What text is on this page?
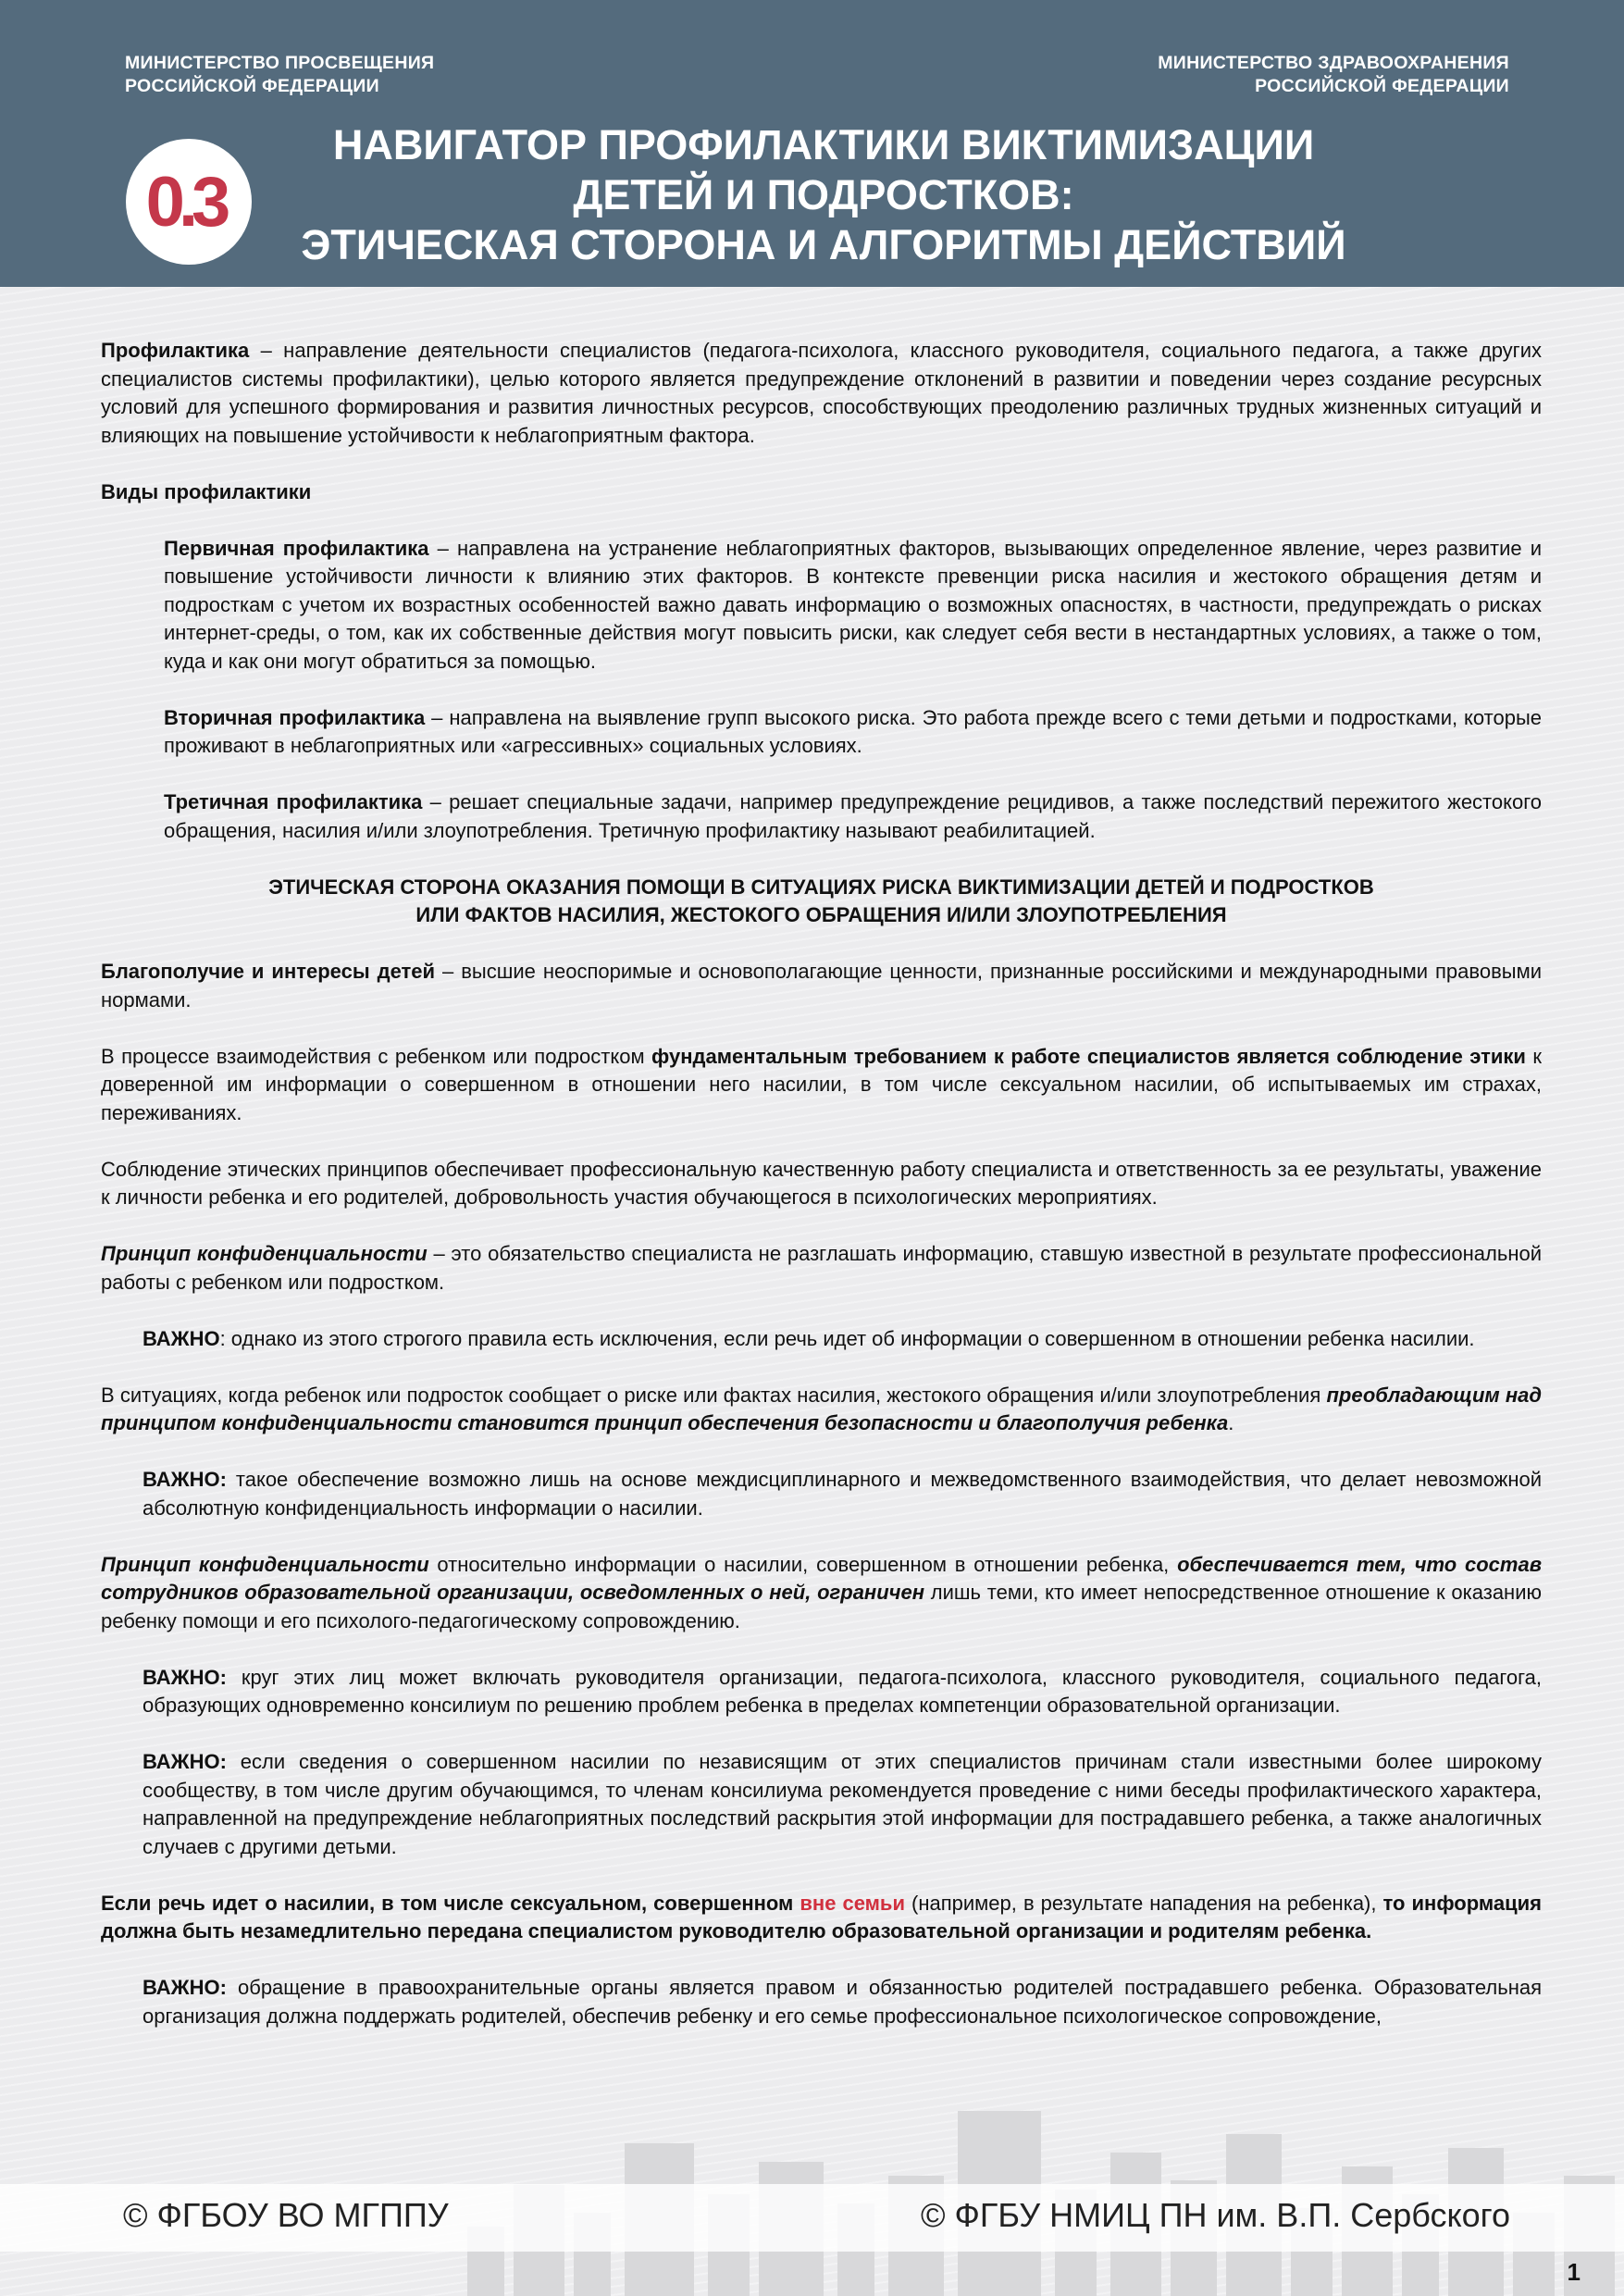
МИНИСТЕРСТВО ПРОСВЕЩЕНИЯ
РОССИЙСКОЙ ФЕДЕРАЦИИ
МИНИСТЕРСТВО ЗДРАВООХРАНЕНИЯ
РОССИЙСКОЙ ФЕДЕРАЦИИ
0.3
НАВИГАТОР ПРОФИЛАКТИКИ ВИКТИМИЗАЦИИ
ДЕТЕЙ И ПОДРОСТКОВ:
ЭТИЧЕСКАЯ СТОРОНА И АЛГОРИТМЫ ДЕЙСТВИЙ

Профилактика – направление деятельности специалистов (педагога-психолога, классного руководителя, социального педагога, а также других специалистов системы профилактики), целью которого является предупреждение отклонений в развитии и поведении через создание ресурсных условий для успешного формирования и развития личностных ресурсов, способствующих преодолению различных трудных жизненных ситуаций и влияющих на повышение устойчивости к неблагоприятным фактора.

Виды профилактики

Первичная профилактика – направлена на устранение неблагоприятных факторов, вызывающих определенное явление, через развитие и повышение устойчивости личности к влиянию этих факторов. В контексте превенции риска насилия и жестокого обращения детям и подросткам с учетом их возрастных особенностей важно давать информацию о возможных опасностях, в частности, предупреждать о рисках интернет-среды, о том, как их собственные действия могут повысить риски, как следует себя вести в нестандартных условиях, а также о том, куда и как они могут обратиться за помощью.

Вторичная профилактика – направлена на выявление групп высокого риска. Это работа прежде всего с теми детьми и подростками, которые проживают в неблагоприятных или «агрессивных» социальных условиях.

Третичная профилактика – решает специальные задачи, например предупреждение рецидивов, а также последствий пережитого жестокого обращения, насилия и/или злоупотребления. Третичную профилактику называют реабилитацией.

ЭТИЧЕСКАЯ СТОРОНА ОКАЗАНИЯ ПОМОЩИ В СИТУАЦИЯХ РИСКА ВИКТИМИЗАЦИИ ДЕТЕЙ И ПОДРОСТКОВ
ИЛИ ФАКТОВ НАСИЛИЯ, ЖЕСТОКОГО ОБРАЩЕНИЯ И/ИЛИ ЗЛОУПОТРЕБЛЕНИЯ

Благополучие и интересы детей – высшие неоспоримые и основополагающие ценности, признанные российскими и международными правовыми нормами.

В процессе взаимодействия с ребенком или подростком фундаментальным требованием к работе специалистов является соблюдение этики к доверенной им информации о совершенном в отношении него насилии, в том числе сексуальном насилии, об испытываемых им страхах, переживаниях.

Соблюдение этических принципов обеспечивает профессиональную качественную работу специалиста и ответственность за ее результаты, уважение к личности ребенка и его родителей, добровольность участия обучающегося в психологических мероприятиях.

Принцип конфиденциальности – это обязательство специалиста не разглашать информацию, ставшую известной в результате профессиональной работы с ребенком или подростком.

ВАЖНО: однако из этого строгого правила есть исключения, если речь идет об информации о совершенном в отношении ребенка насилии.

В ситуациях, когда ребенок или подросток сообщает о риске или фактах насилия, жестокого обращения и/или злоупотребления преобладающим над принципом конфиденциальности становится принцип обеспечения безопасности и благополучия ребенка.

ВАЖНО: такое обеспечение возможно лишь на основе междисциплинарного и межведомственного взаимодействия, что делает невозможной абсолютную конфиденциальность информации о насилии.

Принцип конфиденциальности относительно информации о насилии, совершенном в отношении ребенка, обеспечивается тем, что состав сотрудников образовательной организации, осведомленных о ней, ограничен лишь теми, кто имеет непосредственное отношение к оказанию ребенку помощи и его психолого-педагогическому сопровождению.

ВАЖНО: круг этих лиц может включать руководителя организации, педагога-психолога, классного руководителя, социального педагога, образующих одновременно консилиум по решению проблем ребенка в пределах компетенции образовательной организации.

ВАЖНО: если сведения о совершенном насилии по независящим от этих специалистов причинам стали известными более широкому сообществу, в том числе другим обучающимся, то членам консилиума рекомендуется проведение с ними беседы профилактического характера, направленной на предупреждение неблагоприятных последствий раскрытия этой информации для пострадавшего ребенка, а также аналогичных случаев с другими детьми.

Если речь идет о насилии, в том числе сексуальном, совершенном вне семьи (например, в результате нападения на ребенка), то информация должна быть незамедлительно передана специалистом руководителю образовательной организации и родителям ребенка.

ВАЖНО: обращение в правоохранительные органы является правом и обязанностью родителей пострадавшего ребенка. Образовательная организация должна поддержать родителей, обеспечив ребенку и его семье профессиональное психологическое сопровождение,

© ФГБОУ ВО МГППУ	© ФГБУ НМИЦ ПН им. В.П. Сербского
1
